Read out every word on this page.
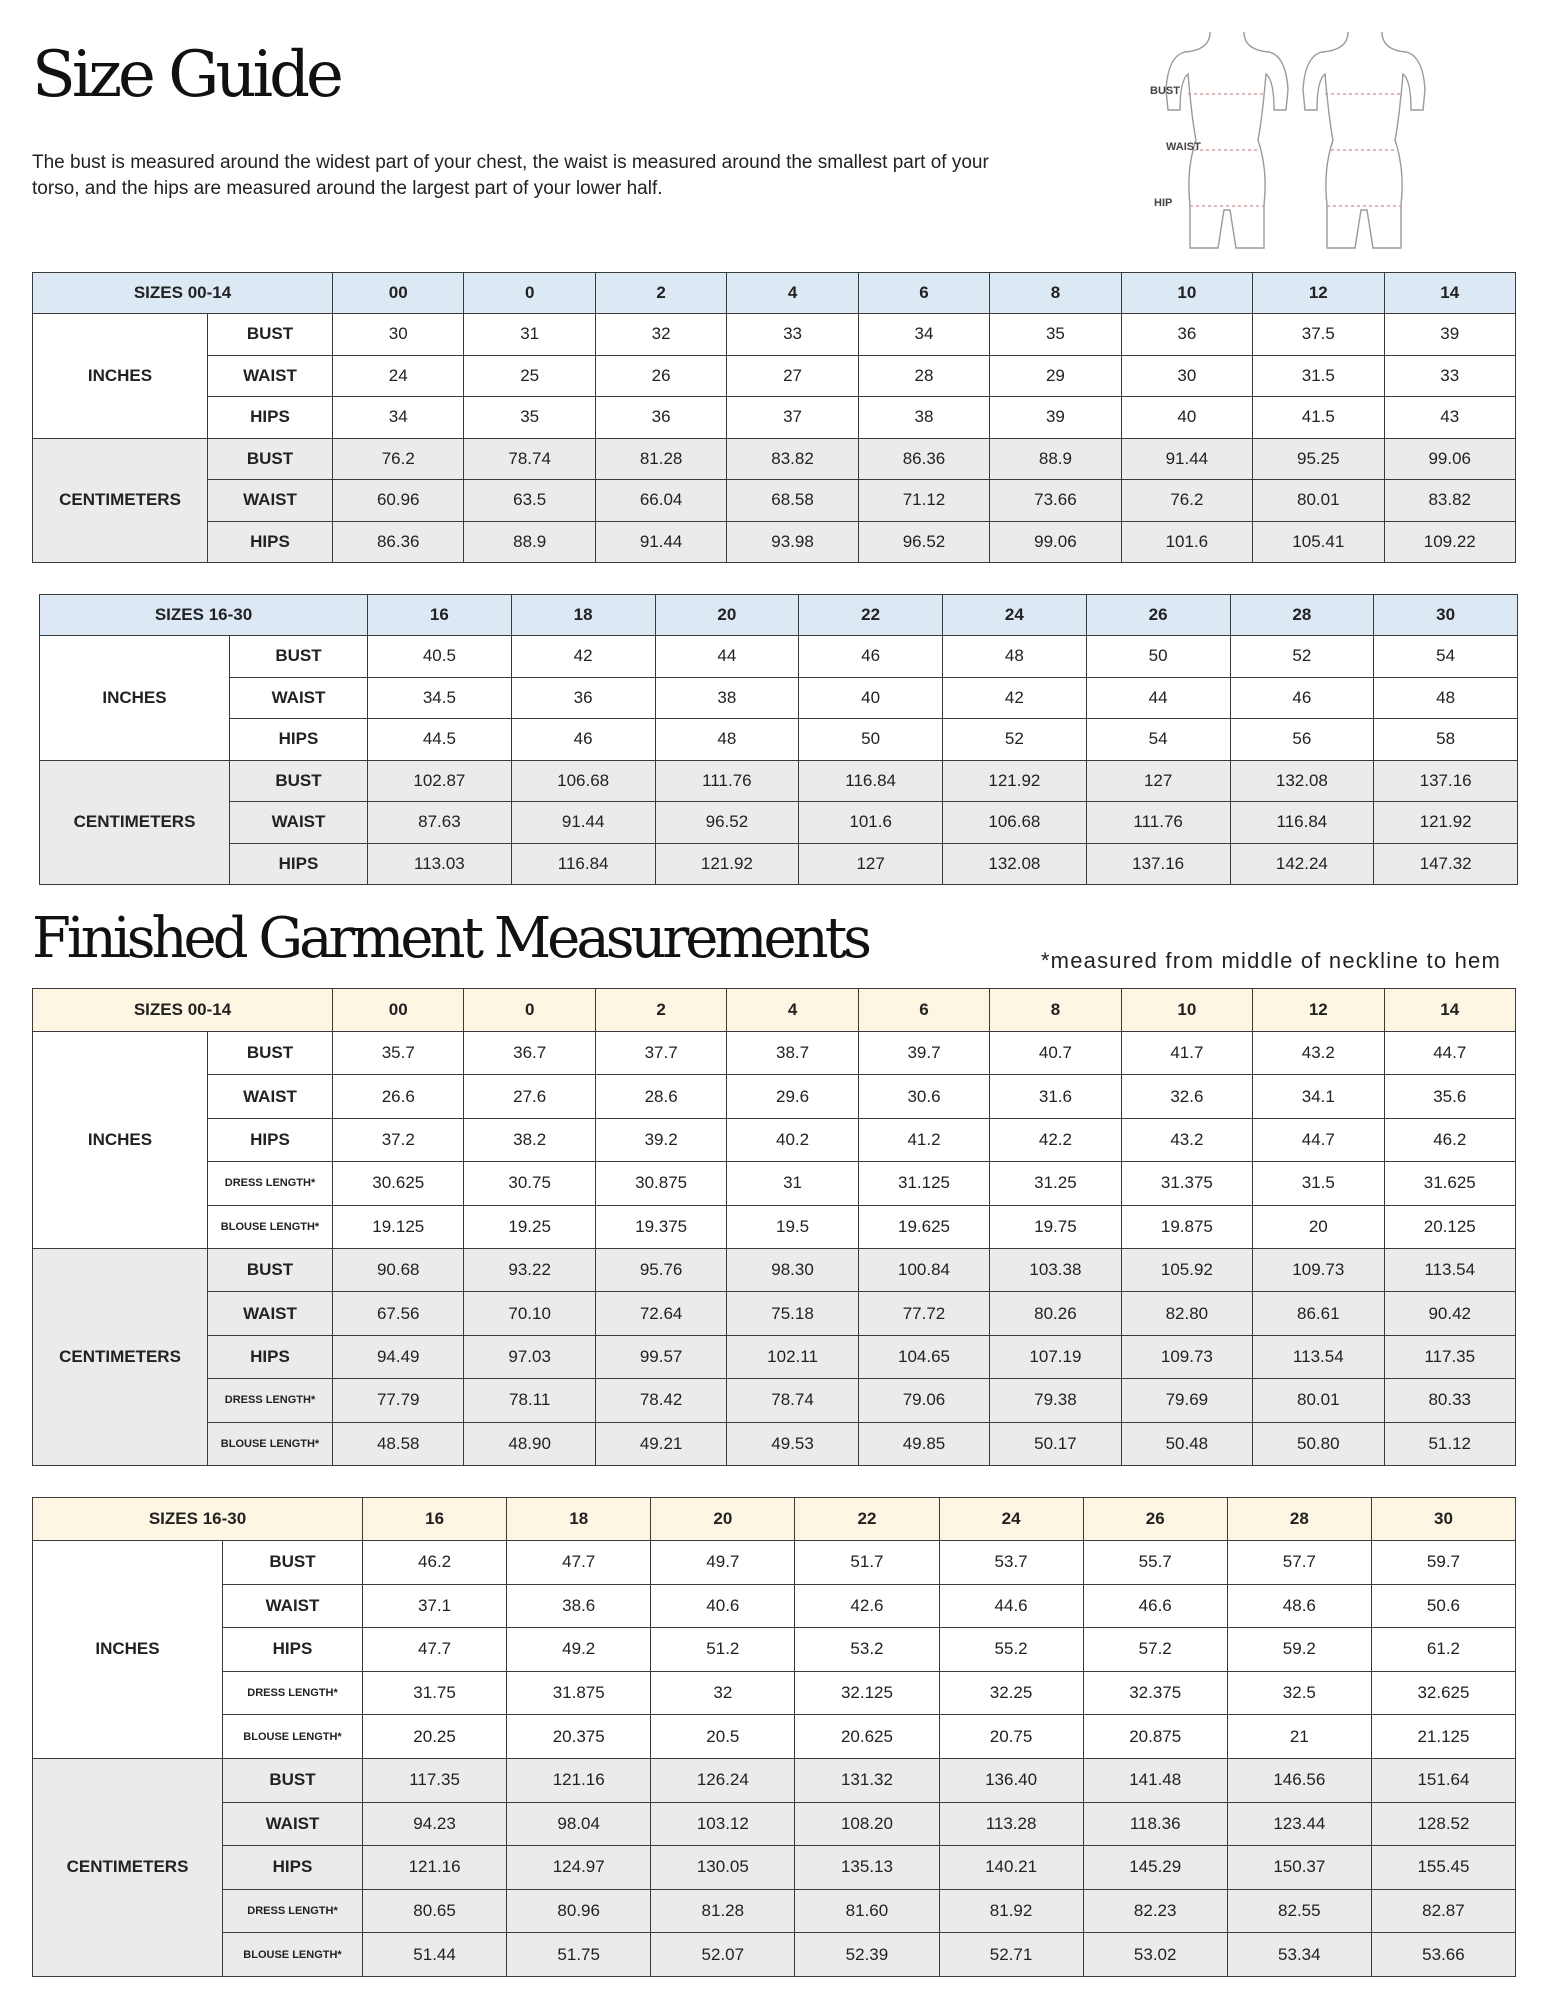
Size Guide

The bust is measured around the widest part of your chest, the waist is measured around the smallest part of your torso, and the hips are measured around the largest part of your lower half.

BUST
WAIST
HIP
Finished Garment Measurements	*measured from middle of neckline to hem

SIZES 00-14		00	0	2	4	6	8	10	12	14
INCHES	BUST	30	31	32	33	34	35	36	37.5	39
	WAIST	24	25	26	27	28	29	30	31.5	33
	HIPS	34	35	36	37	38	39	40	41.5	43
CENTIMETERS	BUST	76.2	78.74	81.28	83.82	86.36	88.9	91.44	95.25	99.06
	WAIST	60.96	63.5	66.04	68.58	71.12	73.66	76.2	80.01	83.82
	HIPS	86.36	88.9	91.44	93.98	96.52	99.06	101.6	105.41	109.22
SIZES 16-30		16	18	20	22	24	26	28	30
INCHES	BUST	40.5	42	44	46	48	50	52	54
	WAIST	34.5	36	38	40	42	44	46	48
	HIPS	44.5	46	48	50	52	54	56	58
CENTIMETERS	BUST	102.87	106.68	111.76	116.84	121.92	127	132.08	137.16
	WAIST	87.63	91.44	96.52	101.6	106.68	111.76	116.84	121.92
	HIPS	113.03	116.84	121.92	127	132.08	137.16	142.24	147.32
SIZES 00-14		00	0	2	4	6	8	10	12	14
INCHES	BUST	35.7	36.7	37.7	38.7	39.7	40.7	41.7	43.2	44.7
	WAIST	26.6	27.6	28.6	29.6	30.6	31.6	32.6	34.1	35.6
	HIPS	37.2	38.2	39.2	40.2	41.2	42.2	43.2	44.7	46.2
	DRESS LENGTH*	30.625	30.75	30.875	31	31.125	31.25	31.375	31.5	31.625
	BLOUSE LENGTH*	19.125	19.25	19.375	19.5	19.625	19.75	19.875	20	20.125
CENTIMETERS	BUST	90.68	93.22	95.76	98.30	100.84	103.38	105.92	109.73	113.54
	WAIST	67.56	70.10	72.64	75.18	77.72	80.26	82.80	86.61	90.42
	HIPS	94.49	97.03	99.57	102.11	104.65	107.19	109.73	113.54	117.35
	DRESS LENGTH*	77.79	78.11	78.42	78.74	79.06	79.38	79.69	80.01	80.33
	BLOUSE LENGTH*	48.58	48.90	49.21	49.53	49.85	50.17	50.48	50.80	51.12
SIZES 16-30		16	18	20	22	24	26	28	30
INCHES	BUST	46.2	47.7	49.7	51.7	53.7	55.7	57.7	59.7
	WAIST	37.1	38.6	40.6	42.6	44.6	46.6	48.6	50.6
	HIPS	47.7	49.2	51.2	53.2	55.2	57.2	59.2	61.2
	DRESS LENGTH*	31.75	31.875	32	32.125	32.25	32.375	32.5	32.625
	BLOUSE LENGTH*	20.25	20.375	20.5	20.625	20.75	20.875	21	21.125
CENTIMETERS	BUST	117.35	121.16	126.24	131.32	136.40	141.48	146.56	151.64
	WAIST	94.23	98.04	103.12	108.20	113.28	118.36	123.44	128.52
	HIPS	121.16	124.97	130.05	135.13	140.21	145.29	150.37	155.45
	DRESS LENGTH*	80.65	80.96	81.28	81.60	81.92	82.23	82.55	82.87
	BLOUSE LENGTH*	51.44	51.75	52.07	52.39	52.71	53.02	53.34	53.66
